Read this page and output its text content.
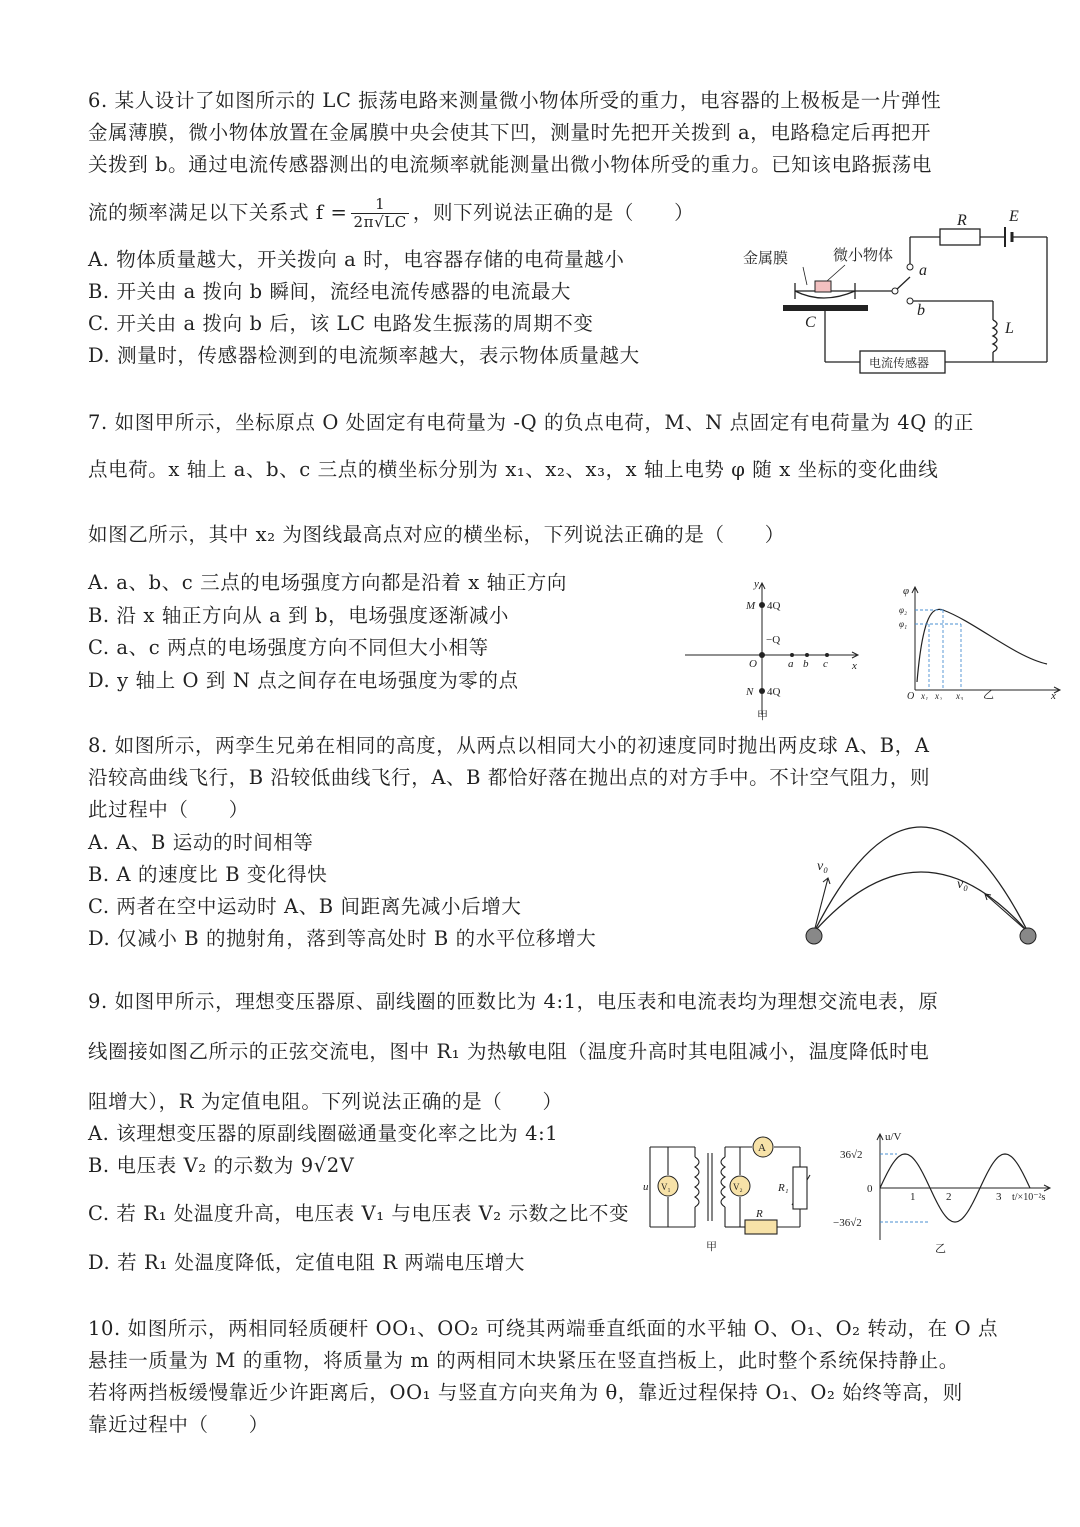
6. 某人设计了如图所示的 LC 振荡电路来测量微小物体所受的重力，电容器的上极板是一片弹性
金属薄膜，微小物体放置在金属膜中央会使其下凹，测量时先把开关拨到 a，电路稳定后再把开
关拨到 b。通过电流传感器测出的电流频率就能测量出微小物体所受的重力。已知该电路振荡电
流的频率满足以下关系式 $f = \frac{1}{2\pi√LC}$ ，则下列说法正确的是（　　）
A. 物体质量越大，开关拨向 a 时，电容器存储的电荷量越小
B. 开关由 a 拨向 b 瞬间，流经电流传感器的电流最大
C. 开关由 a 拨向 b 后，该 LC 电路发生振荡的周期不变
D. 测量时，传感器检测到的电流频率越大，表示物体质量越大
R	E
金属膜	微小物体
a
b
C	L
电流传感器
7. 如图甲所示，坐标原点 O 处固定有电荷量为 -Q 的负点电荷，M、N 点固定有电荷量为 4Q 的正
点电荷。x 轴上 a、b、c 三点的横坐标分别为 x₁、x₂、x₃，x 轴上电势 φ 随 x 坐标的变化曲线
如图乙所示，其中 x₂ 为图线最高点对应的横坐标，下列说法正确的是（　　）
A. a、b、c 三点的电场强度方向都是沿着 x 轴正方向
B. 沿 x 轴正方向从 a 到 b，电场强度逐渐减小
C. a、c 两点的电场强度方向不同但大小相等
D. y 轴上 O 到 N 点之间存在电场强度为零的点
y
x
M 4Q
−Q
O	a b c
N 4Q
甲
φ
φ₂
φ₁
O x₁ x₂ x₃	x
乙
8. 如图所示，两孪生兄弟在相同的高度，从两点以相同大小的初速度同时抛出两皮球 A、B，A
沿较高曲线飞行，B 沿较低曲线飞行，A、B 都恰好落在抛出点的对方手中。不计空气阻力，则
此过程中（　　）
A. A、B 运动的时间相等
B. A 的速度比 B 变化得快
C. 两者在空中运动时 A、B 间距离先减小后增大
D. 仅减小 B 的抛射角，落到等高处时 B 的水平位移增大
v₀
v₀
9. 如图甲所示，理想变压器原、副线圈的匝数比为 4:1，电压表和电流表均为理想交流电表，原
线圈接如图乙所示的正弦交流电，图中 R₁ 为热敏电阻（温度升高时其电阻减小，温度降低时电
阻增大），R 为定值电阻。下列说法正确的是（　　）
A. 该理想变压器的原副线圈磁通量变化率之比为 4:1
B. 电压表 V₂ 的示数为 9√2V
C. 若 R₁ 处温度升高，电压表 V₁ 与电压表 V₂ 示数之比不变
D. 若 R₁ 处温度降低，定值电阻 R 两端电压增大
u V₁	V₂
A
R₁
R
甲
u/V
36√2
0
−36√2
1	2	3 t/×10⁻²s
乙
10. 如图所示，两相同轻质硬杆 OO₁、OO₂ 可绕其两端垂直纸面的水平轴 O、O₁、O₂ 转动，在 O 点
悬挂一质量为 M 的重物，将质量为 m 的两相同木块紧压在竖直挡板上，此时整个系统保持静止。
若将两挡板缓慢靠近少许距离后，OO₁ 与竖直方向夹角为 θ，靠近过程保持 O₁、O₂ 始终等高，则
靠近过程中（　　）
